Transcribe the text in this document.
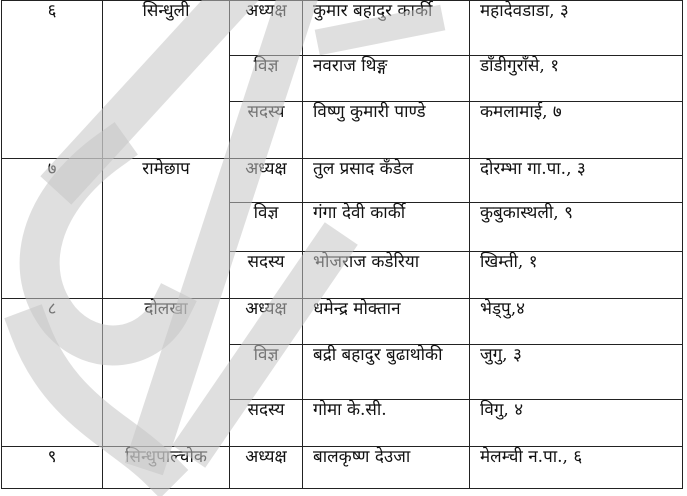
६	सिन्धुली	अध्यक्ष	कुमार बहादुर कार्की	महादेवडाडा, ३
		विज्ञ	नवराज थिङ्ग	डाँडीगुराँसे, १
		सदस्य	विष्णु कुमारी पाण्डे	कमलामाई, ७
७	रामेछाप	अध्यक्ष	तुल प्रसाद कँडेल	दोरम्भा गा.पा., ३
		विज्ञ	गंगा देवी कार्की	कुबुकास्थली, ९
		सदस्य	भोजराज कडेरिया	खिम्ती, १
८	दोलखा	अध्यक्ष	धमेन्द्र मोक्तान	भेड्पु,४
		विज्ञ	बद्री बहादुर बुढाथोकी	जुगु, ३
		सदस्य	गोमा के.सी.	विगु, ४
९	सिन्धुपाल्चोक	अध्यक्ष	बालकृष्ण देउजा	मेलम्ची न.पा., ६
